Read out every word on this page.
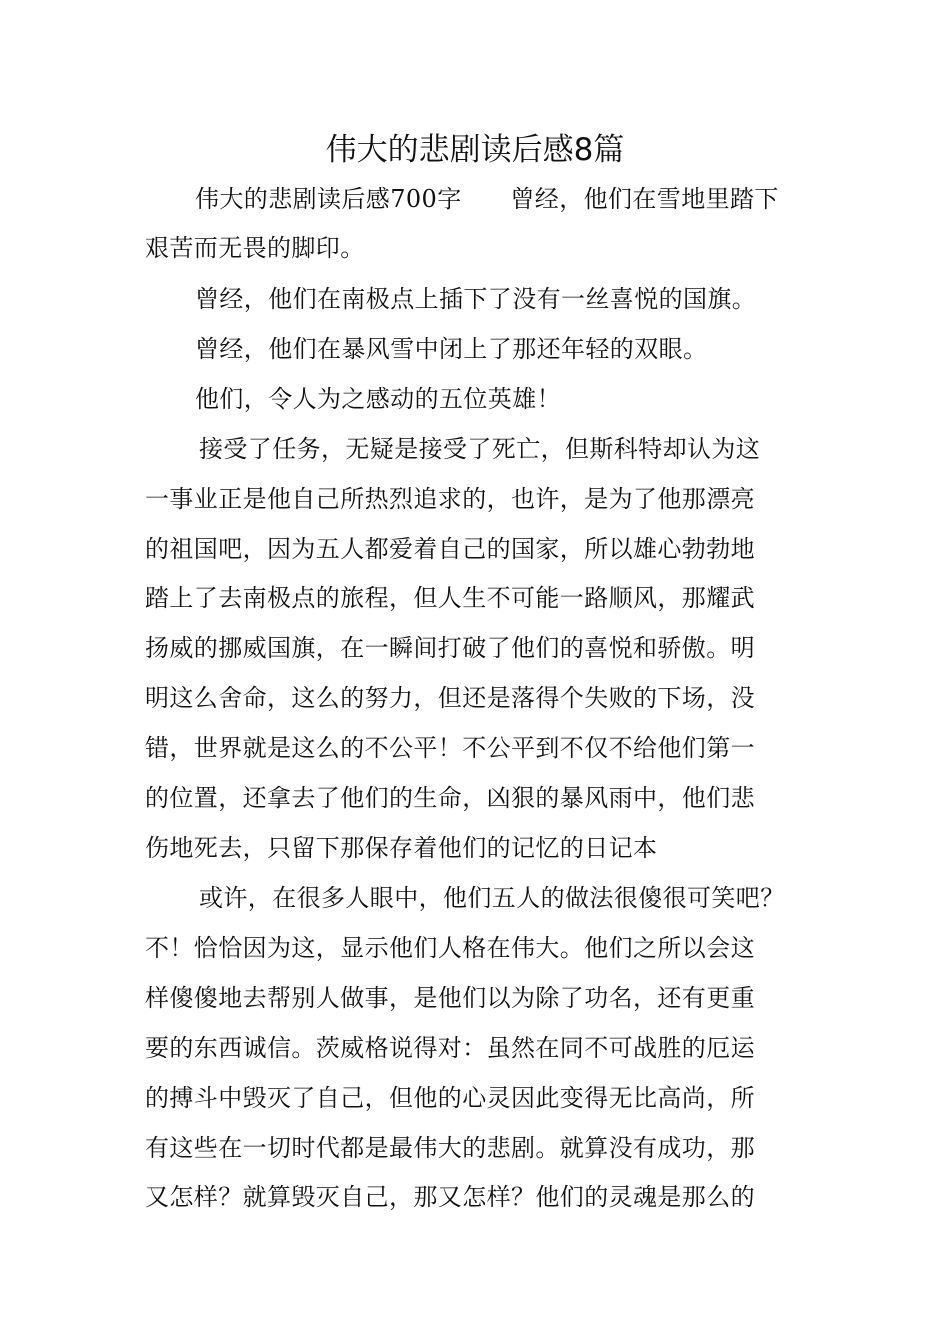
伟大的悲剧读后感8篇
伟大的悲剧读后感700字　　曾经，他们在雪地里踏下
艰苦而无畏的脚印。
曾经，他们在南极点上插下了没有一丝喜悦的国旗。
曾经，他们在暴风雪中闭上了那还年轻的双眼。
他们，令人为之感动的五位英雄！
接受了任务，无疑是接受了死亡，但斯科特却认为这
一事业正是他自己所热烈追求的，也许，是为了他那漂亮
的祖国吧，因为五人都爱着自己的国家，所以雄心勃勃地
踏上了去南极点的旅程，但人生不可能一路顺风，那耀武
扬威的挪威国旗，在一瞬间打破了他们的喜悦和骄傲。明
明这么舍命，这么的努力，但还是落得个失败的下场，没
错，世界就是这么的不公平！不公平到不仅不给他们第一
的位置，还拿去了他们的生命，凶狠的暴风雨中，他们悲
伤地死去，只留下那保存着他们的记忆的日记本
或许，在很多人眼中，他们五人的做法很傻很可笑吧？
不！恰恰因为这，显示他们人格在伟大。他们之所以会这
样傻傻地去帮别人做事，是他们以为除了功名，还有更重
要的东西诚信。茨威格说得对：虽然在同不可战胜的厄运
的搏斗中毁灭了自己，但他的心灵因此变得无比高尚，所
有这些在一切时代都是最伟大的悲剧。就算没有成功，那
又怎样？就算毁灭自己，那又怎样？他们的灵魂是那么的
